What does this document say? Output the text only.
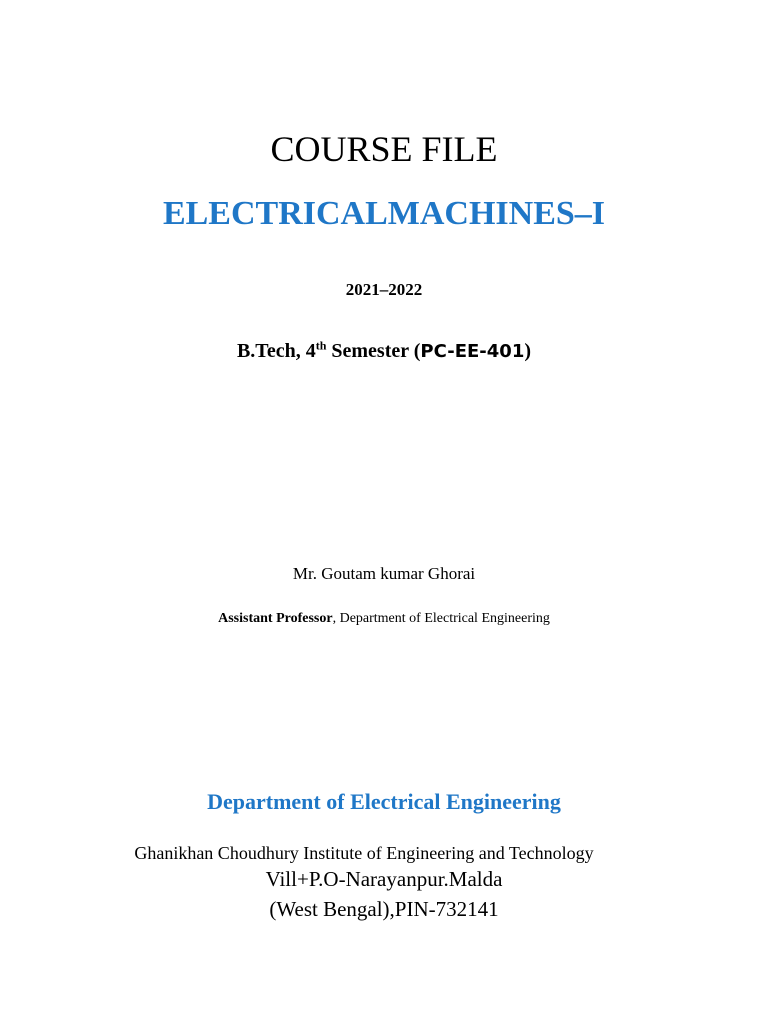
COURSE FILE
ELECTRICALMACHINES–I
2021–2022
B.Tech, 4th Semester (PC-EE-401)
Mr. Goutam kumar Ghorai
Assistant Professor, Department of Electrical Engineering
Department of Electrical Engineering
Ghanikhan Choudhury Institute of Engineering and Technology
Vill+P.O-Narayanpur.Malda
(West Bengal),PIN-732141
